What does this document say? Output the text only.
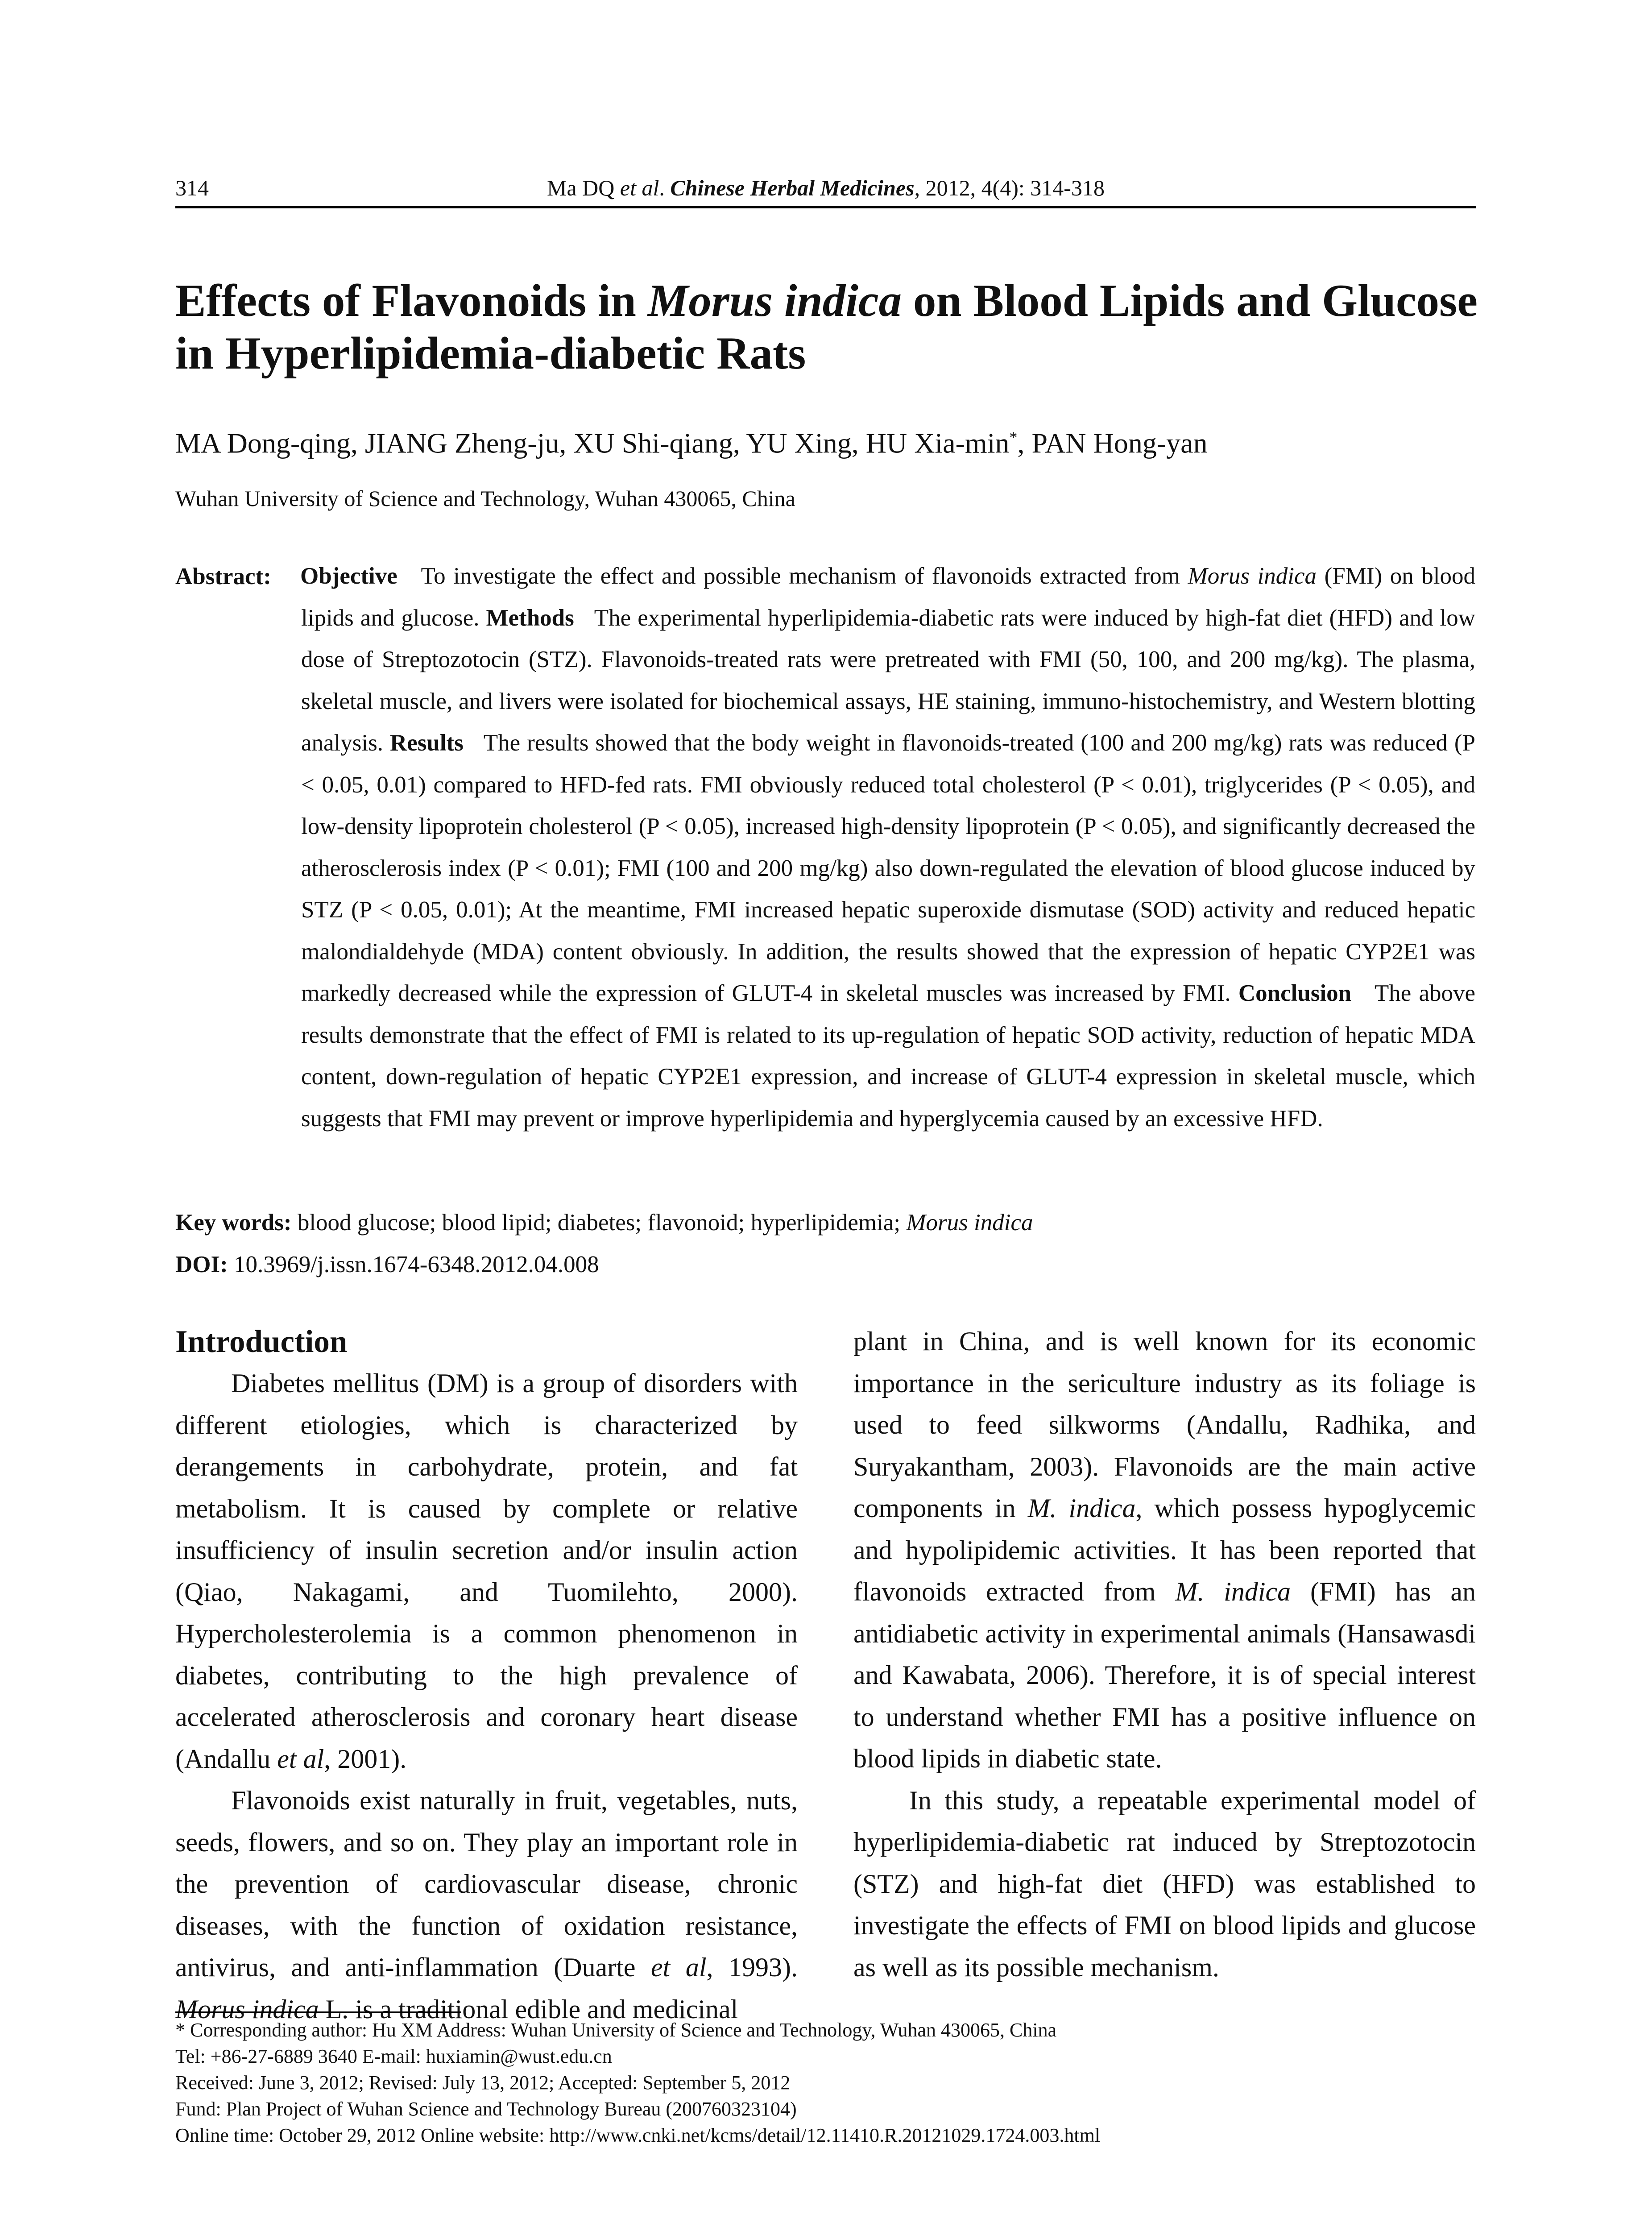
314	Ma DQ et al. Chinese Herbal Medicines, 2012, 4(4): 314-318
Effects of Flavonoids in Morus indica on Blood Lipids and Glucose in Hyperlipidemia-diabetic Rats
MA Dong-qing, JIANG Zheng-ju, XU Shi-qiang, YU Xing, HU Xia-min*, PAN Hong-yan
Wuhan University of Science and Technology, Wuhan 430065, China
Abstract: Objective To investigate the effect and possible mechanism of flavonoids extracted from Morus indica (FMI) on blood lipids and glucose. Methods The experimental hyperlipidemia-diabetic rats were induced by high-fat diet (HFD) and low dose of Streptozotocin (STZ). Flavonoids-treated rats were pretreated with FMI (50, 100, and 200 mg/kg). The plasma, skeletal muscle, and livers were isolated for biochemical assays, HE staining, immuno-histochemistry, and Western blotting analysis. Results The results showed that the body weight in flavonoids-treated (100 and 200 mg/kg) rats was reduced (P < 0.05, 0.01) compared to HFD-fed rats. FMI obviously reduced total cholesterol (P < 0.01), triglycerides (P < 0.05), and low-density lipoprotein cholesterol (P < 0.05), increased high-density lipoprotein (P < 0.05), and significantly decreased the atherosclerosis index (P < 0.01); FMI (100 and 200 mg/kg) also down-regulated the elevation of blood glucose induced by STZ (P < 0.05, 0.01); At the meantime, FMI increased hepatic superoxide dismutase (SOD) activity and reduced hepatic malondialdehyde (MDA) content obviously. In addition, the results showed that the expression of hepatic CYP2E1 was markedly decreased while the expression of GLUT-4 in skeletal muscles was increased by FMI. Conclusion The above results demonstrate that the effect of FMI is related to its up-regulation of hepatic SOD activity, reduction of hepatic MDA content, down-regulation of hepatic CYP2E1 expression, and increase of GLUT-4 expression in skeletal muscle, which suggests that FMI may prevent or improve hyperlipidemia and hyperglycemia caused by an excessive HFD.
Key words: blood glucose; blood lipid; diabetes; flavonoid; hyperlipidemia; Morus indica
DOI: 10.3969/j.issn.1674-6348.2012.04.008
Introduction

Diabetes mellitus (DM) is a group of disorders with different etiologies, which is characterized by derangements in carbohydrate, protein, and fat metabolism. It is caused by complete or relative insufficiency of insulin secretion and/or insulin action (Qiao, Nakagami, and Tuomilehto, 2000). Hypercholesterolemia is a common phenomenon in diabetes, contributing to the high prevalence of accelerated atherosclerosis and coronary heart disease (Andallu et al, 2001).

Flavonoids exist naturally in fruit, vegetables, nuts, seeds, flowers, and so on. They play an important role in the prevention of cardiovascular disease, chronic diseases, with the function of oxidation resistance, antivirus, and anti-inflammation (Duarte et al, 1993). Morus indica L. is a traditional edible and medicinal

plant in China, and is well known for its economic importance in the sericulture industry as its foliage is used to feed silkworms (Andallu, Radhika, and Suryakantham, 2003). Flavonoids are the main active components in M. indica, which possess hypoglycemic and hypolipidemic activities. It has been reported that flavonoids extracted from M. indica (FMI) has an antidiabetic activity in experimental animals (Hansawasdi and Kawabata, 2006). Therefore, it is of special interest to understand whether FMI has a positive influence on blood lipids in diabetic state.

In this study, a repeatable experimental model of hyperlipidemia-diabetic rat induced by Streptozotocin (STZ) and high-fat diet (HFD) was established to investigate the effects of FMI on blood lipids and glucose as well as its possible mechanism.

* Corresponding author: Hu XM Address: Wuhan University of Science and Technology, Wuhan 430065, China
Tel: +86-27-6889 3640 E-mail: huxiamin@wust.edu.cn
Received: June 3, 2012; Revised: July 13, 2012; Accepted: September 5, 2012
Fund: Plan Project of Wuhan Science and Technology Bureau (200760323104)
Online time: October 29, 2012 Online website: http://www.cnki.net/kcms/detail/12.11410.R.20121029.1724.003.html
